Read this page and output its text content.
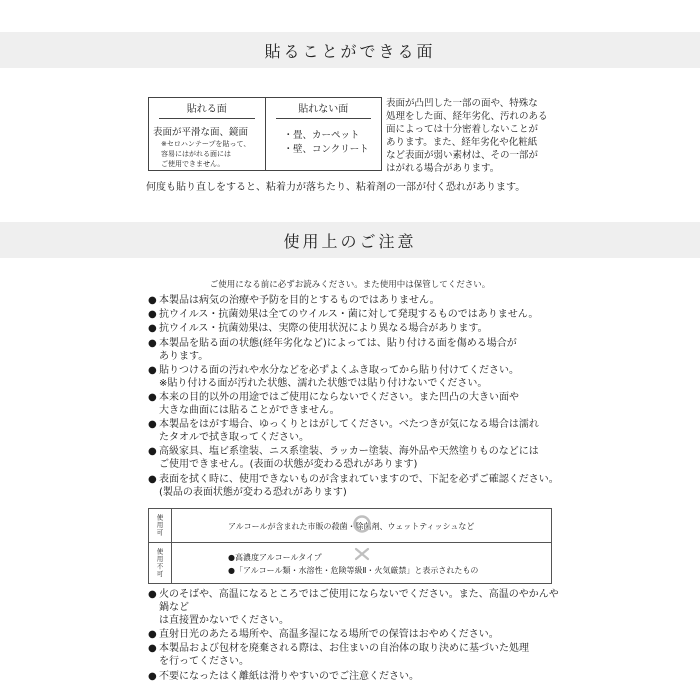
貼ることができる面
貼れる面
表面が平滑な面、鏡面
※セロハンテープを貼って、
容易にはがれる面には
ご使用できません。
貼れない面
・畳、カーペット
・壁、コンクリート
表面が凸凹した一部の面や、特殊な
処理をした面、経年劣化、汚れのある
面によっては十分密着しないことが
あります。また、経年劣化や化粧紙
など表面が弱い素材は、その一部が
はがれる場合があります。
何度も貼り直しをすると、粘着力が落ちたり、粘着剤の一部が付く恐れがあります。
使用上のご注意
ご使用になる前に必ずお読みください。また使用中は保管してください。
● 本製品は病気の治療や予防を目的とするものではありません。
● 抗ウイルス・抗菌効果は全てのウイルス・菌に対して発現するものではありません。
● 抗ウイルス・抗菌効果は、実際の使用状況により異なる場合があります。
● 本製品を貼る面の状態(経年劣化など)によっては、貼り付ける面を傷める場合が
あります。
● 貼りつける面の汚れや水分などを必ずよくふき取ってから貼り付けてください。
※貼り付ける面が汚れた状態、濡れた状態では貼り付けないでください。
● 本来の目的以外の用途ではご使用にならないでください。また凹凸の大きい面や
大きな曲面には貼ることができません。
● 本製品をはがす場合、ゆっくりとはがしてください。べたつきが気になる場合は濡れ
たタオルで拭き取ってください。
● 高級家具、塩ビ系塗装、ニス系塗装、ラッカー塗装、海外品や天然塗りものなどには
ご使用できません。(表面の状態が変わる恐れがあります)
● 表面を拭く時に、使用できないものが含まれていますので、下記を必ずご確認ください。
(製品の表面状態が変わる恐れがあります)
使用可	アルコールが含まれた市販の殺菌・除菌剤、ウェットティッシュなど
使用不可	●高濃度アルコールタイプ
●「アルコール類・水溶性・危険等級Ⅱ・火気厳禁」と表示されたもの
● 火のそばや、高温になるところではご使用にならないでください。また、高温のやかんや鍋など
は直接置かないでください。
● 直射日光のあたる場所や、高温多湿になる場所での保管はおやめください。
● 本製品および包材を廃棄される際は、お住まいの自治体の取り決めに基づいた処理
を行ってください。
● 不要になったはく離紙は滑りやすいのでご注意ください。
